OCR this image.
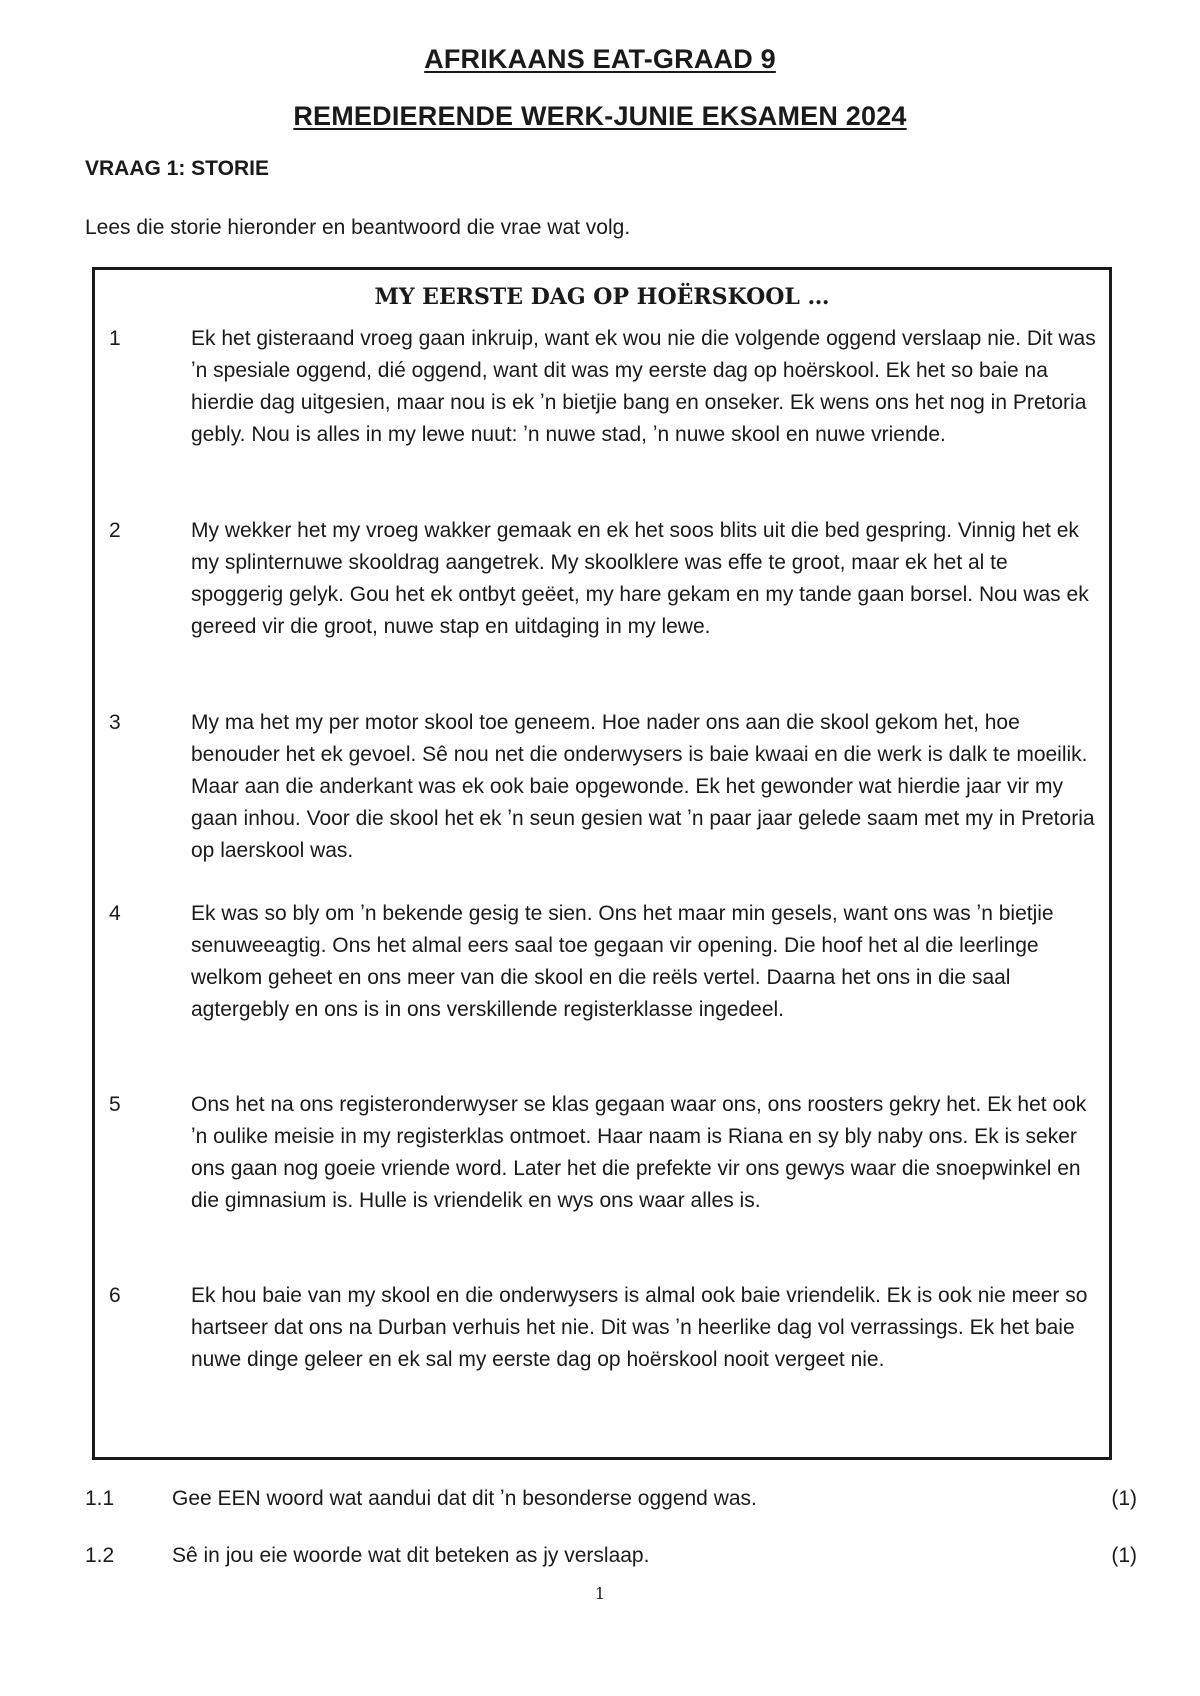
AFRIKAANS EAT-GRAAD 9
REMEDIERENDE WERK-JUNIE EKSAMEN 2024

VRAAG 1: STORIE

Lees die storie hieronder en beantwoord die vrae wat volg.

MY EERSTE DAG OP HOËRSKOOL …

1	Ek het gisteraand vroeg gaan inkruip, want ek wou nie die volgende oggend verslaap nie. Dit was ʼn spesiale oggend, dié oggend, want dit was my eerste dag op hoërskool. Ek het so baie na hierdie dag uitgesien, maar nou is ek ʼn bietjie bang en onseker. Ek wens ons het nog in Pretoria gebly. Nou is alles in my lewe nuut: ʼn nuwe stad, ʼn nuwe skool en nuwe vriende.

2	My wekker het my vroeg wakker gemaak en ek het soos blits uit die bed gespring. Vinnig het ek my splinternuwe skooldrag aangetrek. My skoolklere was effe te groot, maar ek het al te spoggerig gelyk. Gou het ek ontbyt geëet, my hare gekam en my tande gaan borsel. Nou was ek gereed vir die groot, nuwe stap en uitdaging in my lewe.

3	My ma het my per motor skool toe geneem. Hoe nader ons aan die skool gekom het, hoe benouder het ek gevoel. Sê nou net die onderwysers is baie kwaai en die werk is dalk te moeilik. Maar aan die anderkant was ek ook baie opgewonde. Ek het gewonder wat hierdie jaar vir my gaan inhou. Voor die skool het ek ʼn seun gesien wat ʼn paar jaar gelede saam met my in Pretoria op laerskool was.

4	Ek was so bly om ʼn bekende gesig te sien. Ons het maar min gesels, want ons was ʼn bietjie senuweeagtig. Ons het almal eers saal toe gegaan vir opening. Die hoof het al die leerlinge welkom geheet en ons meer van die skool en die reëls vertel. Daarna het ons in die saal agtergebly en ons is in ons verskillende registerklasse ingedeel.

5	Ons het na ons registeronderwyser se klas gegaan waar ons, ons roosters gekry het. Ek het ook ʼn oulike meisie in my registerklas ontmoet. Haar naam is Riana en sy bly naby ons. Ek is seker ons gaan nog goeie vriende word. Later het die prefekte vir ons gewys waar die snoepwinkel en die gimnasium is. Hulle is vriendelik en wys ons waar alles is.

6	Ek hou baie van my skool en die onderwysers is almal ook baie vriendelik. Ek is ook nie meer so hartseer dat ons na Durban verhuis het nie. Dit was ʼn heerlike dag vol verrassings. Ek het baie nuwe dinge geleer en ek sal my eerste dag op hoërskool nooit vergeet nie.

1.1	Gee EEN woord wat aandui dat dit ʼn besonderse oggend was.	(1)
1.2	Sê in jou eie woorde wat dit beteken as jy verslaap.	(1)
1
